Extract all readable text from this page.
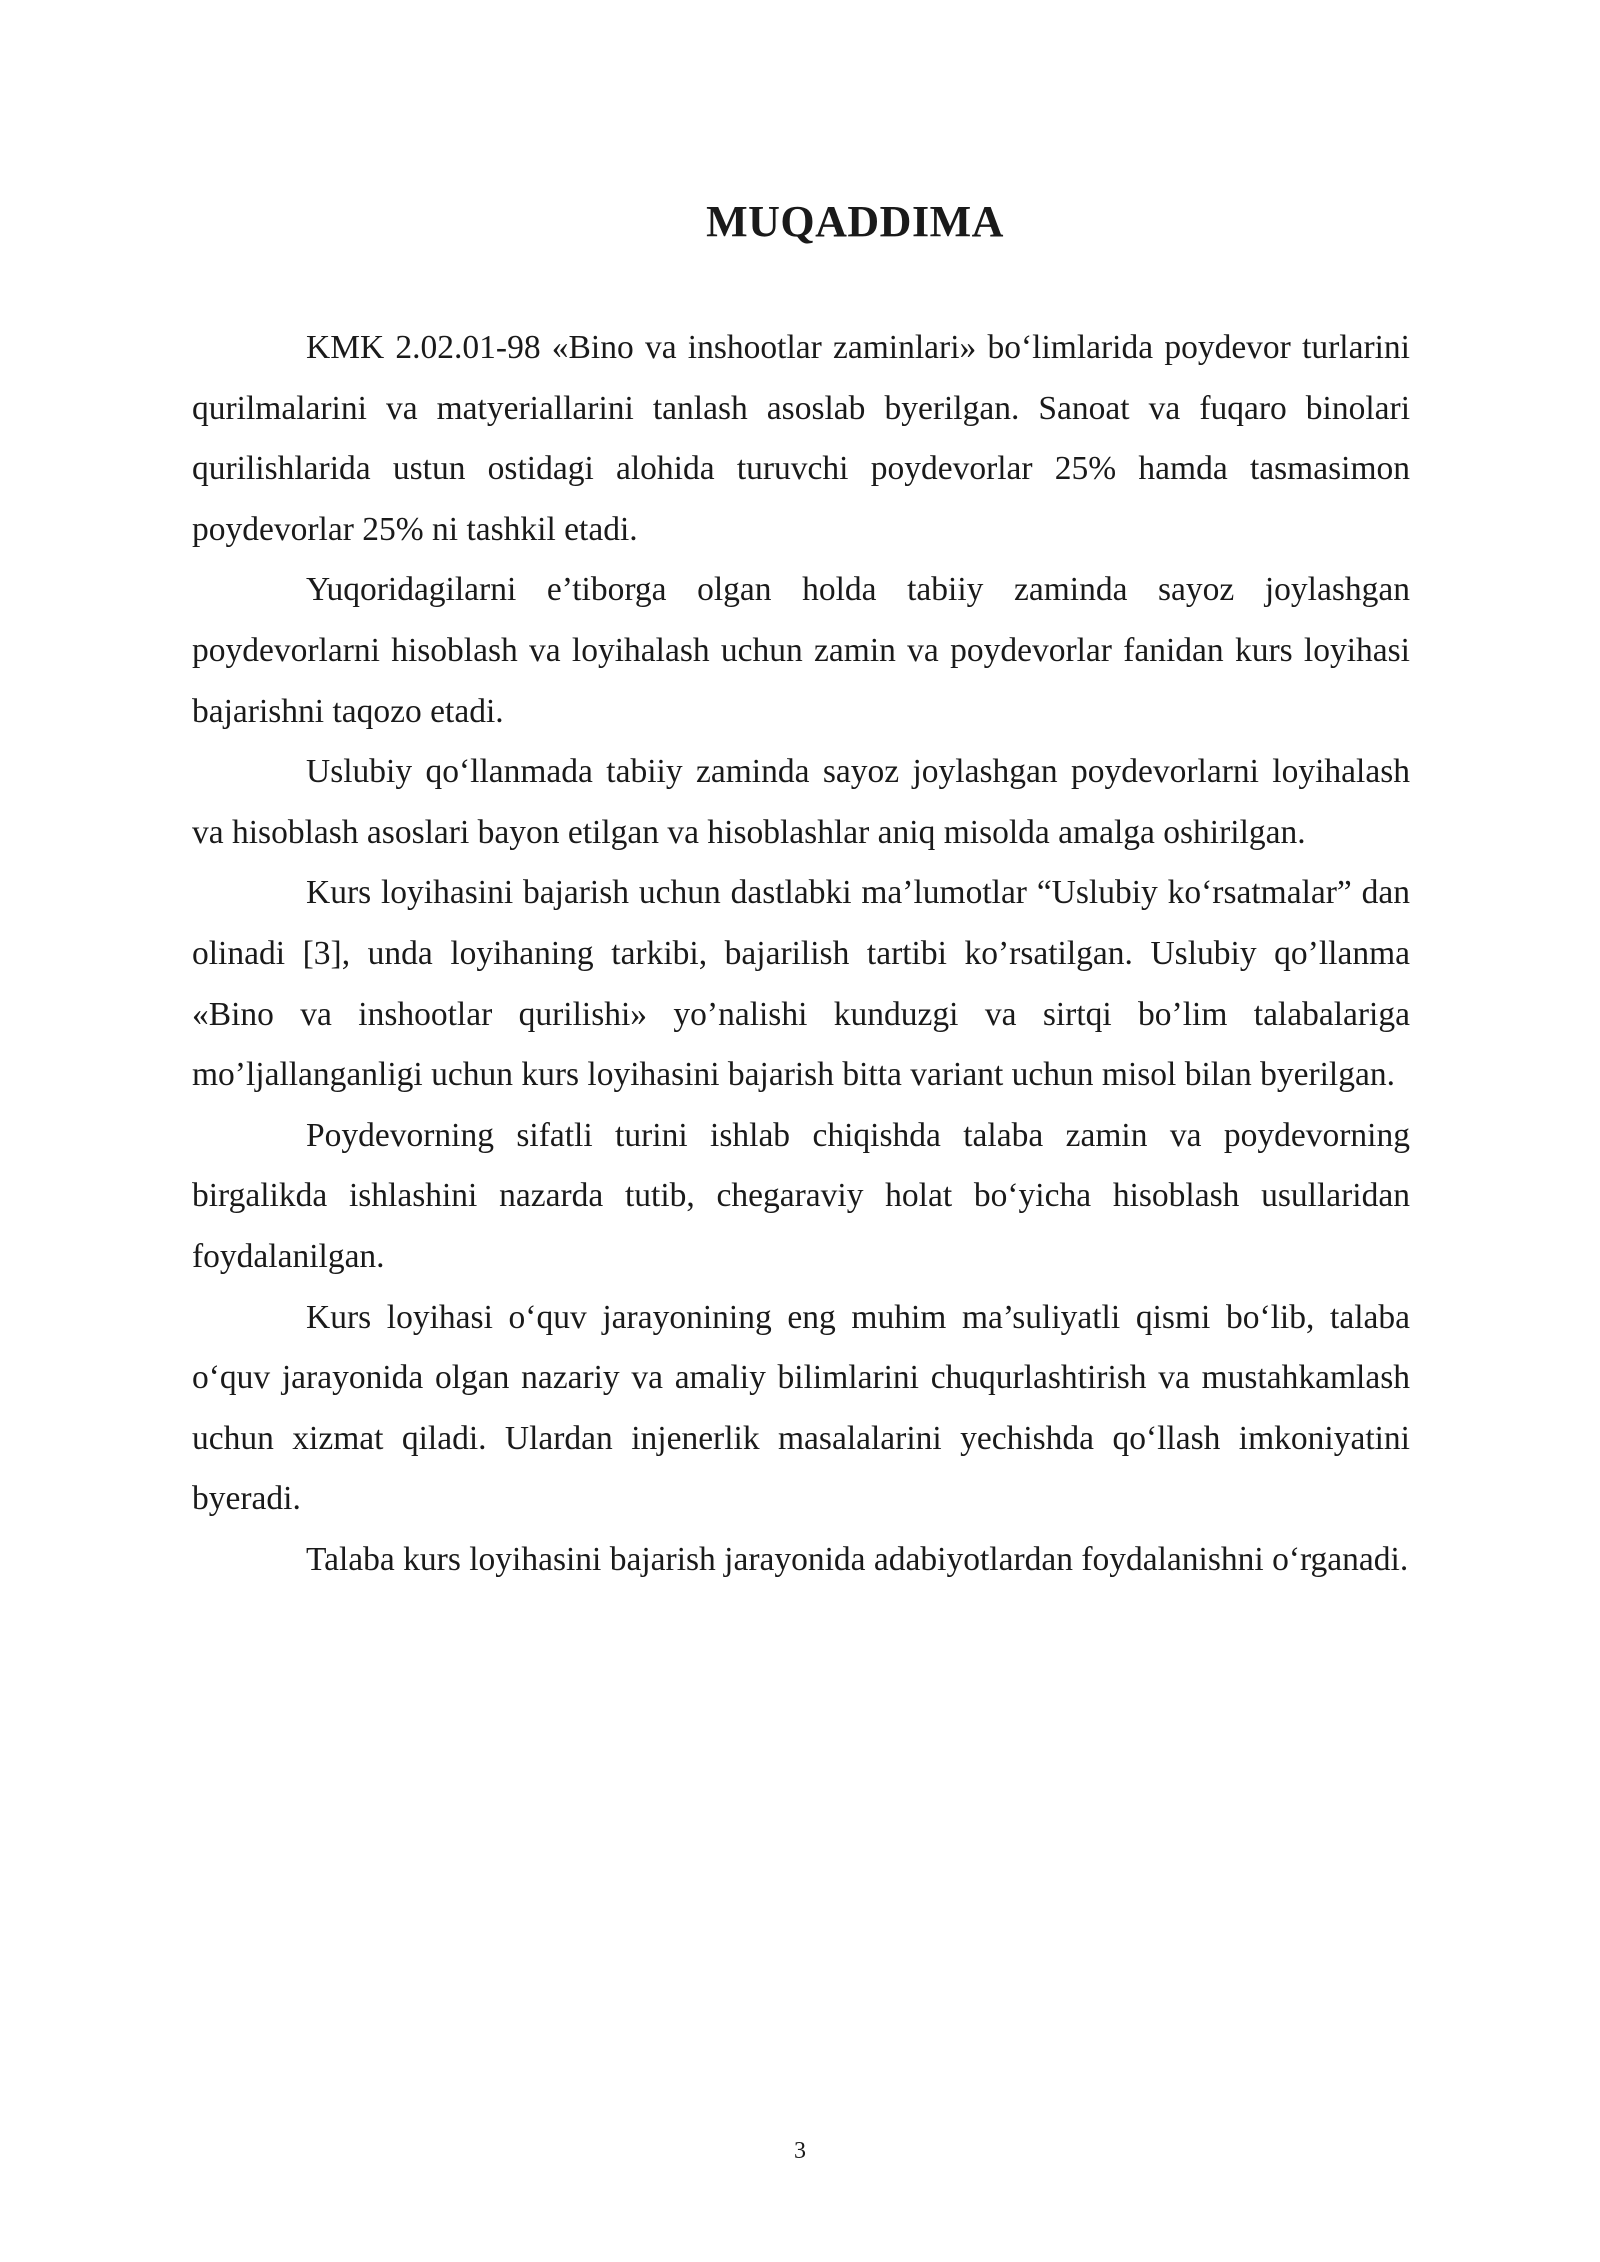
MUQADDIMA

KMK 2.02.01-98 «Bino va inshootlar zaminlari» bo‘limlarida poydevor turlarini qurilmalarini va matyeriallarini tanlash asoslab byerilgan. Sanoat va fuqaro binolari qurilishlarida ustun ostidagi alohida turuvchi poydevorlar 25% hamda tasmasimon poydevorlar 25% ni tashkil etadi.

Yuqoridagilarni e’tiborga olgan holda tabiiy zaminda sayoz joylashgan poydevorlarni hisoblash va loyihalash uchun zamin va poydevorlar fanidan kurs loyihasi bajarishni taqozo etadi.

Uslubiy qo‘llanmada tabiiy zaminda sayoz joylashgan poydevorlarni loyihalash va hisoblash asoslari bayon etilgan va hisoblashlar aniq misolda amalga oshirilgan.

Kurs loyihasini bajarish uchun dastlabki ma’lumotlar “Uslubiy ko‘rsatmalar” dan olinadi [3], unda loyihaning tarkibi, bajarilish tartibi ko’rsatilgan. Uslubiy qo’llanma «Bino va inshootlar qurilishi» yo’nalishi kunduzgi va sirtqi bo’lim talabalariga mo’ljallanganligi uchun kurs loyihasini bajarish bitta variant uchun misol bilan byerilgan.

Poydevorning sifatli turini ishlab chiqishda talaba zamin va poydevorning birgalikda ishlashini nazarda tutib, chegaraviy holat bo‘yicha hisoblash usullaridan foydalanilgan.

Kurs loyihasi o‘quv jarayonining eng muhim ma’suliyatli qismi bo‘lib, talaba o‘quv jarayonida olgan nazariy va amaliy bilimlarini chuqurlashtirish va mustahkamlash uchun xizmat qiladi. Ulardan injenerlik masalalarini yechishda qo‘llash imkoniyatini byeradi.

Talaba kurs loyihasini bajarish jarayonida adabiyotlardan foydalanishni o‘rganadi.

3
